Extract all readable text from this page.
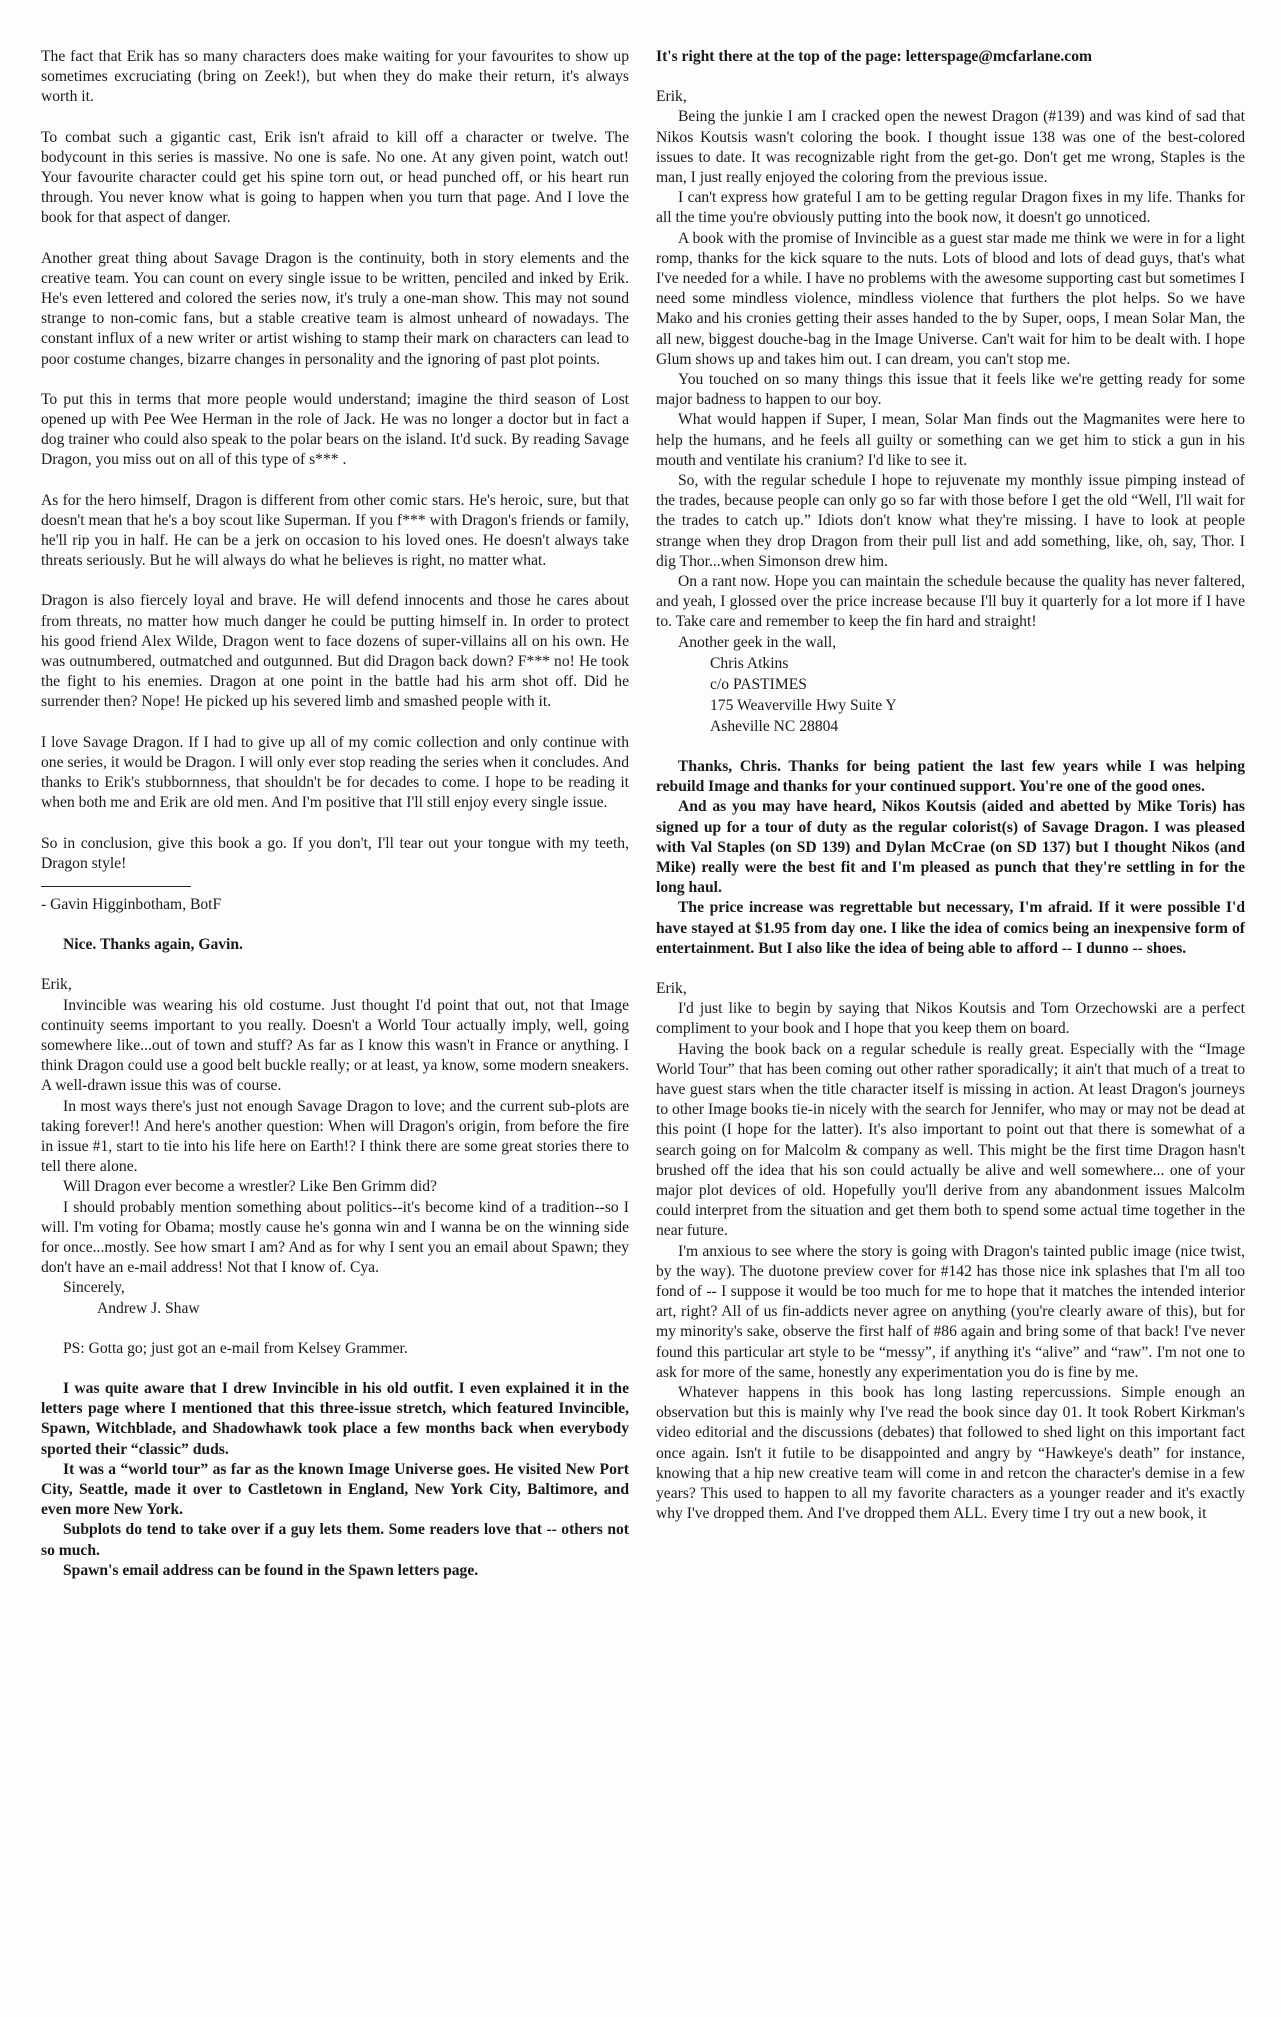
The fact that Erik has so many characters does make waiting for your favourites to show up sometimes excruciating (bring on Zeek!), but when they do make their return, it's always worth it.

To combat such a gigantic cast, Erik isn't afraid to kill off a character or twelve. The bodycount in this series is massive. No one is safe. No one. At any given point, watch out! Your favourite character could get his spine torn out, or head punched off, or his heart run through. You never know what is going to happen when you turn that page. And I love the book for that aspect of danger.

Another great thing about Savage Dragon is the continuity, both in story elements and the creative team. You can count on every single issue to be written, penciled and inked by Erik. He's even lettered and colored the series now, it's truly a one-man show. This may not sound strange to non-comic fans, but a stable creative team is almost unheard of nowadays. The constant influx of a new writer or artist wishing to stamp their mark on characters can lead to poor costume changes, bizarre changes in personality and the ignoring of past plot points.

To put this in terms that more people would understand; imagine the third season of Lost opened up with Pee Wee Herman in the role of Jack. He was no longer a doctor but in fact a dog trainer who could also speak to the polar bears on the island. It'd suck. By reading Savage Dragon, you miss out on all of this type of s*** .

As for the hero himself, Dragon is different from other comic stars. He's heroic, sure, but that doesn't mean that he's a boy scout like Superman. If you f*** with Dragon's friends or family, he'll rip you in half. He can be a jerk on occasion to his loved ones. He doesn't always take threats seriously. But he will always do what he believes is right, no matter what.

Dragon is also fiercely loyal and brave. He will defend innocents and those he cares about from threats, no matter how much danger he could be putting himself in. In order to protect his good friend Alex Wilde, Dragon went to face dozens of super-villains all on his own. He was outnumbered, outmatched and outgunned. But did Dragon back down? F*** no! He took the fight to his enemies. Dragon at one point in the battle had his arm shot off. Did he surrender then? Nope! He picked up his severed limb and smashed people with it.

I love Savage Dragon. If I had to give up all of my comic collection and only continue with one series, it would be Dragon. I will only ever stop reading the series when it concludes. And thanks to Erik's stubbornness, that shouldn't be for decades to come. I hope to be reading it when both me and Erik are old men. And I'm positive that I'll still enjoy every single issue.

So in conclusion, give this book a go. If you don't, I'll tear out your tongue with my teeth, Dragon style!

- Gavin Higginbotham, BotF

Nice. Thanks again, Gavin.

Erik,

Invincible was wearing his old costume. Just thought I'd point that out, not that Image continuity seems important to you really. Doesn't a World Tour actually imply, well, going somewhere like...out of town and stuff? As far as I know this wasn't in France or anything. I think Dragon could use a good belt buckle really; or at least, ya know, some modern sneakers. A well-drawn issue this was of course.

In most ways there's just not enough Savage Dragon to love; and the current sub-plots are taking forever!! And here's another question: When will Dragon's origin, from before the fire in issue #1, start to tie into his life here on Earth!? I think there are some great stories there to tell there alone.

Will Dragon ever become a wrestler? Like Ben Grimm did?

I should probably mention something about politics--it's become kind of a tradition--so I will. I'm voting for Obama; mostly cause he's gonna win and I wanna be on the winning side for once...mostly. See how smart I am? And as for why I sent you an email about Spawn; they don't have an e-mail address! Not that I know of. Cya.

Sincerely,

Andrew J. Shaw

PS: Gotta go; just got an e-mail from Kelsey Grammer.

I was quite aware that I drew Invincible in his old outfit. I even explained it in the letters page where I mentioned that this three-issue stretch, which featured Invincible, Spawn, Witchblade, and Shadowhawk took place a few months back when everybody sported their “classic” duds.

It was a “world tour” as far as the known Image Universe goes. He visited New Port City, Seattle, made it over to Castletown in England, New York City, Baltimore, and even more New York.

Subplots do tend to take over if a guy lets them. Some readers love that -- others not so much.

Spawn's email address can be found in the Spawn letters page.

It's right there at the top of the page: letterspage@mcfarlane.com

Erik,

Being the junkie I am I cracked open the newest Dragon (#139) and was kind of sad that Nikos Koutsis wasn't coloring the book. I thought issue 138 was one of the best-colored issues to date. It was recognizable right from the get-go. Don't get me wrong, Staples is the man, I just really enjoyed the coloring from the previous issue.

I can't express how grateful I am to be getting regular Dragon fixes in my life. Thanks for all the time you're obviously putting into the book now, it doesn't go unnoticed.

A book with the promise of Invincible as a guest star made me think we were in for a light romp, thanks for the kick square to the nuts. Lots of blood and lots of dead guys, that's what I've needed for a while. I have no problems with the awesome supporting cast but sometimes I need some mindless violence, mindless violence that furthers the plot helps. So we have Mako and his cronies getting their asses handed to the by Super, oops, I mean Solar Man, the all new, biggest douche-bag in the Image Universe. Can't wait for him to be dealt with. I hope Glum shows up and takes him out. I can dream, you can't stop me.

You touched on so many things this issue that it feels like we're getting ready for some major badness to happen to our boy.

What would happen if Super, I mean, Solar Man finds out the Magmanites were here to help the humans, and he feels all guilty or something can we get him to stick a gun in his mouth and ventilate his cranium? I'd like to see it.

So, with the regular schedule I hope to rejuvenate my monthly issue pimping instead of the trades, because people can only go so far with those before I get the old “Well, I'll wait for the trades to catch up.” Idiots don't know what they're missing. I have to look at people strange when they drop Dragon from their pull list and add something, like, oh, say, Thor. I dig Thor...when Simonson drew him.

On a rant now. Hope you can maintain the schedule because the quality has never faltered, and yeah, I glossed over the price increase because I'll buy it quarterly for a lot more if I have to. Take care and remember to keep the fin hard and straight!

Another geek in the wall,

Chris Atkins

c/o PASTIMES

175 Weaverville Hwy Suite Y

Asheville NC 28804

Thanks, Chris. Thanks for being patient the last few years while I was helping rebuild Image and thanks for your continued support. You're one of the good ones.

And as you may have heard, Nikos Koutsis (aided and abetted by Mike Toris) has signed up for a tour of duty as the regular colorist(s) of Savage Dragon. I was pleased with Val Staples (on SD 139) and Dylan McCrae (on SD 137) but I thought Nikos (and Mike) really were the best fit and I'm pleased as punch that they're settling in for the long haul.

The price increase was regrettable but necessary, I'm afraid. If it were possible I'd have stayed at $1.95 from day one. I like the idea of comics being an inexpensive form of entertainment. But I also like the idea of being able to afford -- I dunno -- shoes.

Erik,

I'd just like to begin by saying that Nikos Koutsis and Tom Orzechowski are a perfect compliment to your book and I hope that you keep them on board.

Having the book back on a regular schedule is really great. Especially with the “Image World Tour” that has been coming out other rather sporadically; it ain't that much of a treat to have guest stars when the title character itself is missing in action. At least Dragon's journeys to other Image books tie-in nicely with the search for Jennifer, who may or may not be dead at this point (I hope for the latter). It's also important to point out that there is somewhat of a search going on for Malcolm & company as well. This might be the first time Dragon hasn't brushed off the idea that his son could actually be alive and well somewhere... one of your major plot devices of old. Hopefully you'll derive from any abandonment issues Malcolm could interpret from the situation and get them both to spend some actual time together in the near future.

I'm anxious to see where the story is going with Dragon's tainted public image (nice twist, by the way). The duotone preview cover for #142 has those nice ink splashes that I'm all too fond of -- I suppose it would be too much for me to hope that it matches the intended interior art, right? All of us fin-addicts never agree on anything (you're clearly aware of this), but for my minority's sake, observe the first half of #86 again and bring some of that back! I've never found this particular art style to be “messy”, if anything it's “alive” and “raw”. I'm not one to ask for more of the same, honestly any experimentation you do is fine by me.

Whatever happens in this book has long lasting repercussions. Simple enough an observation but this is mainly why I've read the book since day 01. It took Robert Kirkman's video editorial and the discussions (debates) that followed to shed light on this important fact once again. Isn't it futile to be disappointed and angry by “Hawkeye's death” for instance, knowing that a hip new creative team will come in and retcon the character's demise in a few years? This used to happen to all my favorite characters as a younger reader and it's exactly why I've dropped them. And I've dropped them ALL. Every time I try out a new book, it
